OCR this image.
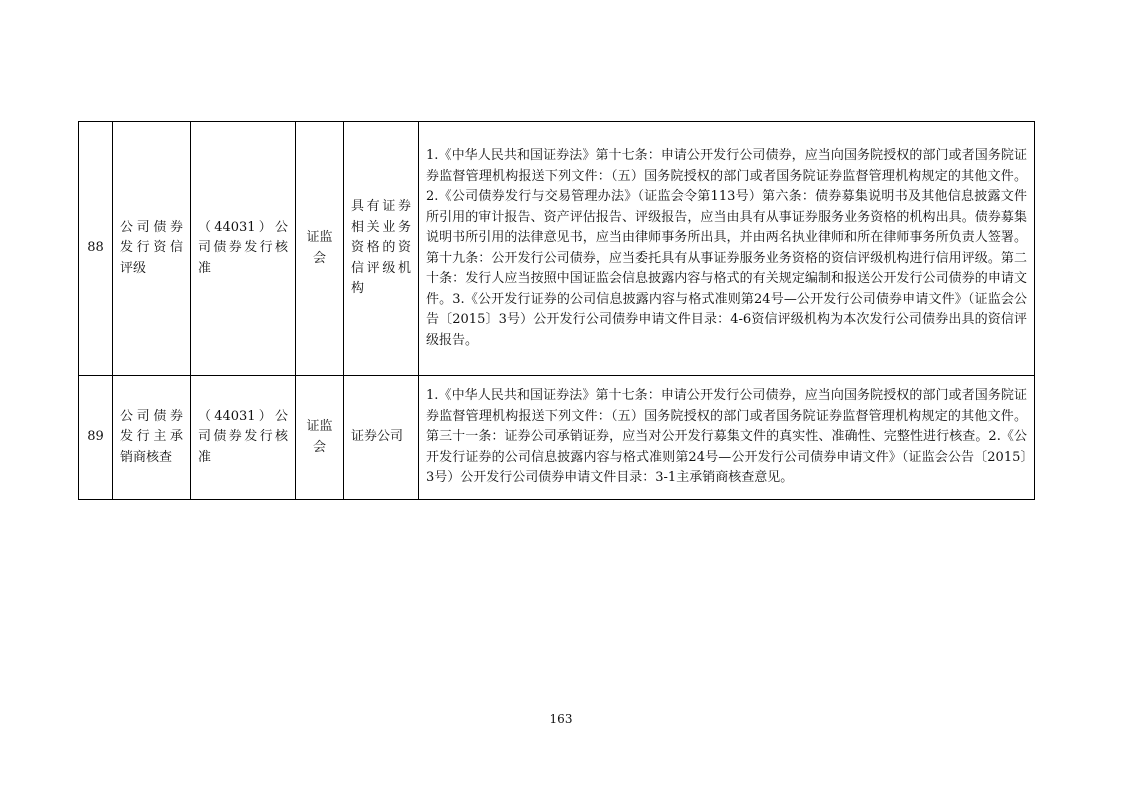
88	公司债券发行资信评级	（44031）公司债券发行核准	证监会	具有证券相关业务资格的资信评级机构	1.《中华人民共和国证券法》第十七条：申请公开发行公司债券，应当向国务院授权的部门或者国务院证券监督管理机构报送下列文件：（五）国务院授权的部门或者国务院证券监督管理机构规定的其他文件。2.《公司债券发行与交易管理办法》（证监会令第113号）第六条：债券募集说明书及其他信息披露文件所引用的审计报告、资产评估报告、评级报告，应当由具有从事证券服务业务资格的机构出具。债券募集说明书所引用的法律意见书，应当由律师事务所出具，并由两名执业律师和所在律师事务所负责人签署。第十九条：公开发行公司债券，应当委托具有从事证券服务业务资格的资信评级机构进行信用评级。第二十条：发行人应当按照中国证监会信息披露内容与格式的有关规定编制和报送公开发行公司债券的申请文件。3.《公开发行证券的公司信息披露内容与格式准则第24号—公开发行公司债券申请文件》（证监会公告〔2015〕3号）公开发行公司债券申请文件目录：4-6资信评级机构为本次发行公司债券出具的资信评级报告。
89	公司债券发行主承销商核查	（44031）公司债券发行核准	证监会	证券公司	1.《中华人民共和国证券法》第十七条：申请公开发行公司债券，应当向国务院授权的部门或者国务院证券监督管理机构报送下列文件：（五）国务院授权的部门或者国务院证券监督管理机构规定的其他文件。第三十一条：证券公司承销证券，应当对公开发行募集文件的真实性、准确性、完整性进行核查。2.《公开发行证券的公司信息披露内容与格式准则第24号—公开发行公司债券申请文件》（证监会公告〔2015〕3号）公开发行公司债券申请文件目录：3-1主承销商核查意见。
163
